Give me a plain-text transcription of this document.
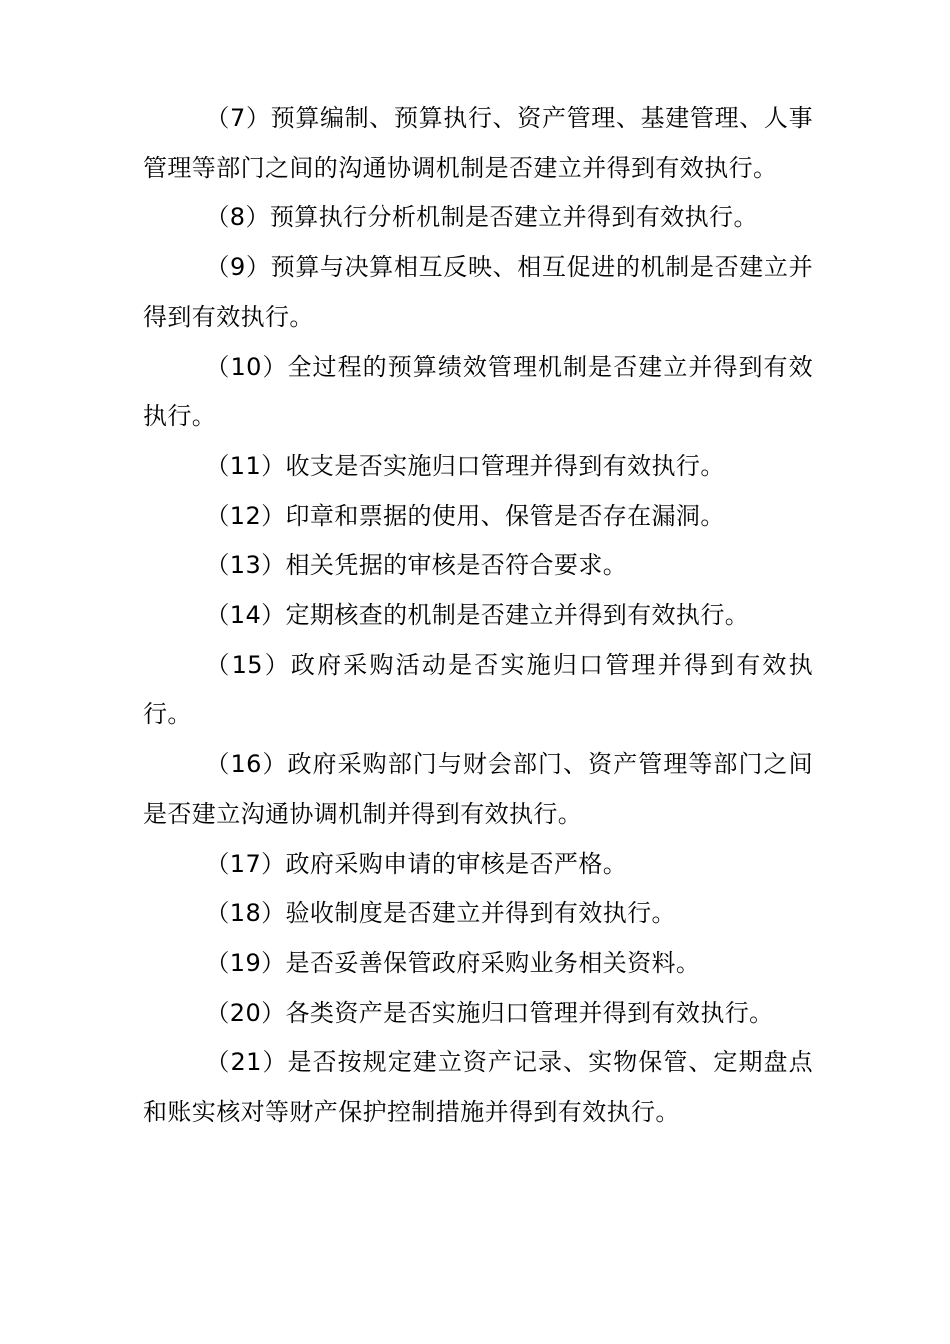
（7）预算编制、预算执行、资产管理、基建管理、人事管理等部门之间的沟通协调机制是否建立并得到有效执行。

（8）预算执行分析机制是否建立并得到有效执行。

（9）预算与决算相互反映、相互促进的机制是否建立并得到有效执行。

（10）全过程的预算绩效管理机制是否建立并得到有效执行。

（11）收支是否实施归口管理并得到有效执行。

（12）印章和票据的使用、保管是否存在漏洞。

（13）相关凭据的审核是否符合要求。

（14）定期核查的机制是否建立并得到有效执行。

（15）政府采购活动是否实施归口管理并得到有效执行。

（16）政府采购部门与财会部门、资产管理等部门之间是否建立沟通协调机制并得到有效执行。

（17）政府采购申请的审核是否严格。

（18）验收制度是否建立并得到有效执行。

（19）是否妥善保管政府采购业务相关资料。

（20）各类资产是否实施归口管理并得到有效执行。

（21）是否按规定建立资产记录、实物保管、定期盘点和账实核对等财产保护控制措施并得到有效执行。
